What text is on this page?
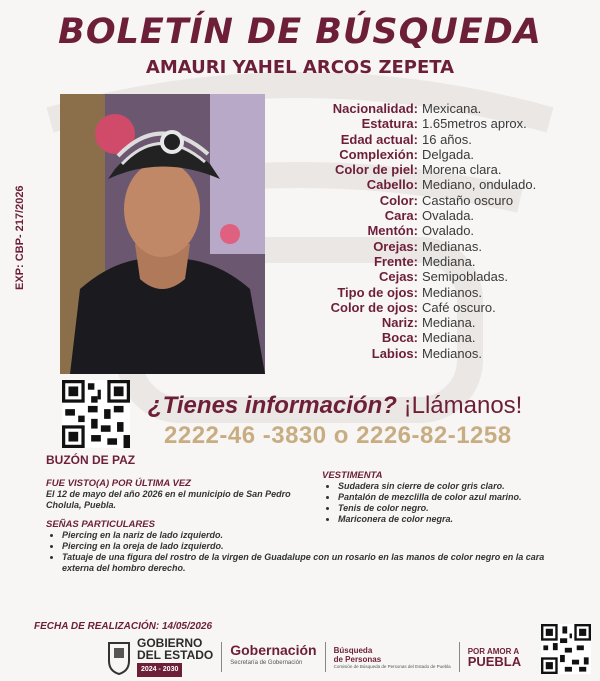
BOLETÍN DE BÚSQUEDA
AMAURI YAHEL ARCOS ZEPETA
EXP: CBP- 217/2026
Nacionalidad: Mexicana.
Estatura: 1.65metros aprox.
Edad actual: 16 años.
Complexión: Delgada.
Color de piel: Morena clara.
Cabello: Mediano, ondulado.
Color: Castaño oscuro
Cara: Ovalada.
Mentón: Ovalado.
Orejas: Medianas.
Frente: Mediana.
Cejas: Semipobladas.
Tipo de ojos: Medianos.
Color de ojos: Café oscuro.
Nariz: Mediana.
Boca: Mediana.
Labios: Medianos.
BUZÓN DE PAZ
¿Tienes información? ¡Llámanos!
2222-46 -3830 o 2226-82-1258
FUE VISTO(A) POR ÚLTIMA VEZ
El 12 de mayo del año 2026 en el municipio de San Pedro Cholula, Puebla.
SEÑAS PARTICULARES
• Piercing en la nariz de lado izquierdo.
• Piercing en la oreja de lado izquierdo.
• Tatuaje de una figura del rostro de la virgen de Guadalupe con un rosario en las manos de color negro en la cara externa del hombro derecho.
VESTIMENTA
• Sudadera sin cierre de color gris claro.
• Pantalón de mezclilla de color azul marino.
• Tenis de color negro.
• Mariconera de color negra.
FECHA DE REALIZACIÓN: 14/05/2026
GOBIERNO
DEL ESTADO
2024 - 2030
Gobernación
Secretaría de Gobernación
Búsqueda
de Personas
Comisión de Búsqueda de Personas del Estado de Puebla
POR AMOR A
PUEBLA
